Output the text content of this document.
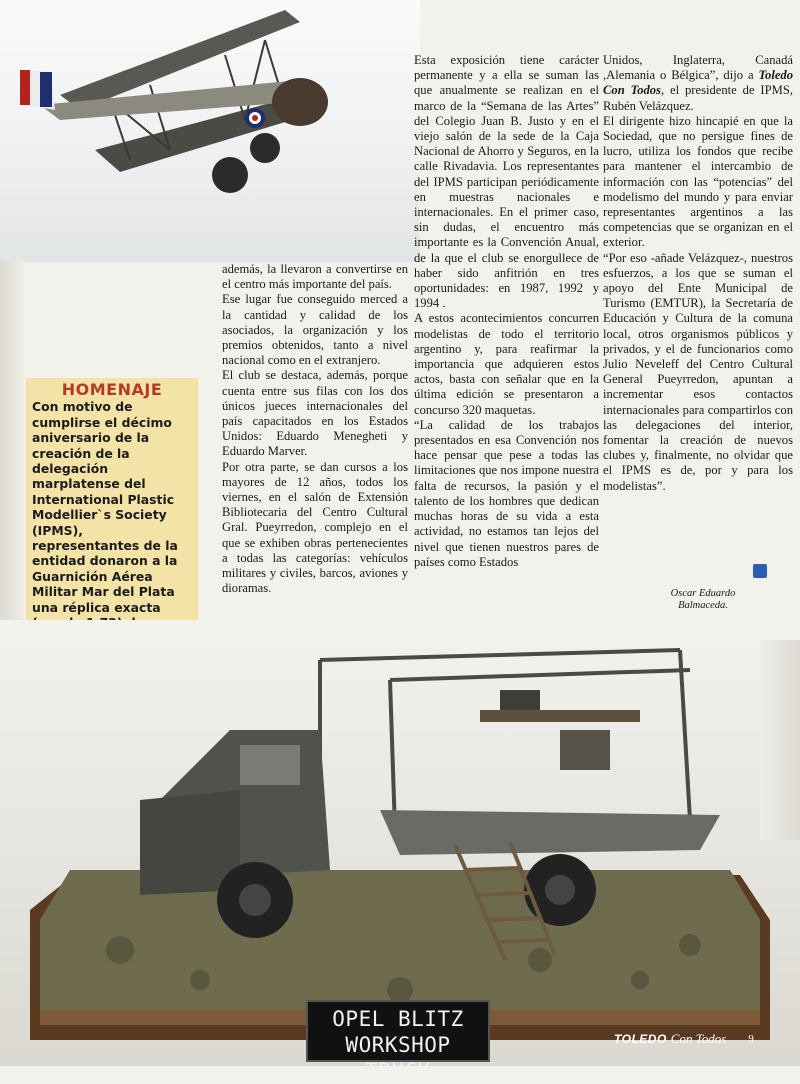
Esta exposición tiene carácter permanente y a ella se suman las que anualmente se realizan en el marco de la “Semana de las Artes” del Colegio Juan B. Justo y en el viejo salón de la sede de la Caja Nacional de Ahorro y Seguros, en la calle Rivadavia. Los representantes del IPMS participan periódicamente en muestras nacionales e internacionales. En el primer caso, sin dudas, el encuentro más importante es la Convención Anual, de la que el club se enorgullece de haber sido anfitrión en tres oportunidades: en 1987, 1992 y 1994 .
A estos acontecimientos concurren modelistas de todo el territorio argentino y, para reafirmar la importancia que adquieren estos actos, basta con señalar que en la última edición se presentaron a concurso 320 maquetas.
“La calidad de los trabajos presentados en esa Convención nos hace pensar que pese a todas las limitaciones que nos impone nuestra falta de recursos, la pasión y el talento de los hombres que dedican muchas horas de su vida a esta actividad, no estamos tan lejos del nivel que tienen nuestros pares de países como Estados

Unidos, Inglaterra, Canadá ,Alemania o Bélgica”, dijo a Toledo Con Todos, el presidente de IPMS, Rubén Velázquez.
El dirigente hizo hincapié en que la Sociedad, que no persigue fines de lucro, utiliza los fondos que recibe para mantener el intercambio de información con las “potencias” del modelismo del mundo y para enviar representantes argentinos a las competencias que se organizan en el exterior.
“Por eso -añade Velázquez-, nuestros esfuerzos, a los que se suman el apoyo del Ente Municipal de Turismo (EMTUR), la Secretaría de Educación y Cultura de la comuna local, otros organismos públicos y privados, y el de funcionarios como Julio Neveleff del Centro Cultural General Pueyrredon, apuntan a incrementar esos contactos internacionales para compartirlos con las delegaciones del interior, fomentar la creación de nuevos clubes y, finalmente, no olvidar que el IPMS es de, por y para los modelistas”.

Oscar Eduardo
Balmaceda.

además, la llevaron a convertirse en el centro más importante del país.
Ese lugar fue conseguido merced a la cantidad y calidad de los asociados, la organización y los premios obtenidos, tanto a nivel nacional como en el extranjero.
El club se destaca, además, porque cuenta entre sus filas con los dos únicos jueces internacionales del país capacitados en los Estados Unidos: Eduardo Menegheti y Eduardo Marver.
Por otra parte, se dan cursos a los mayores de 12 años, todos los viernes, en el salón de Extensión Bibliotecaria del Centro Cultural Gral. Pueyrredon, complejo en el que se exhiben obras pertenecientes a todas las categorías: vehículos militares y civiles, barcos, aviones y dioramas.

HOMENAJE

Con motivo de cumplirse el décimo aniversario de la creación de la delegación marplatense del International Plastic Modellier`s Society (IPMS), representantes de la entidad donaron a la Guarnición Aérea Militar Mar del Plata una réplica exacta

OPEL BLITZ
WORKSHOP TRUCK
TOLEDO Con Todos 9
